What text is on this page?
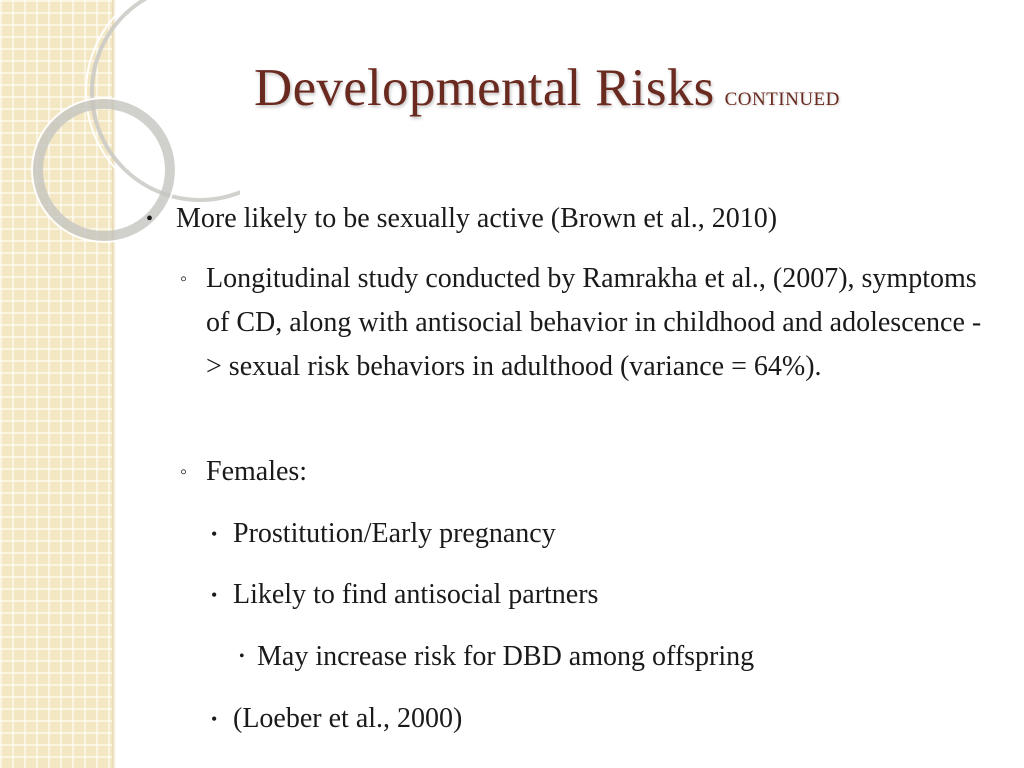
Developmental Risks CONTINUED
• More likely to be sexually active (Brown et al., 2010)
◦ Longitudinal study conducted by Ramrakha et al., (2007), symptoms of CD, along with antisocial behavior in childhood and adolescence -> sexual risk behaviors in adulthood (variance = 64%).
◦ Females:
• Prostitution/Early pregnancy
• Likely to find antisocial partners
• May increase risk for DBD among offspring
• (Loeber et al., 2000)
